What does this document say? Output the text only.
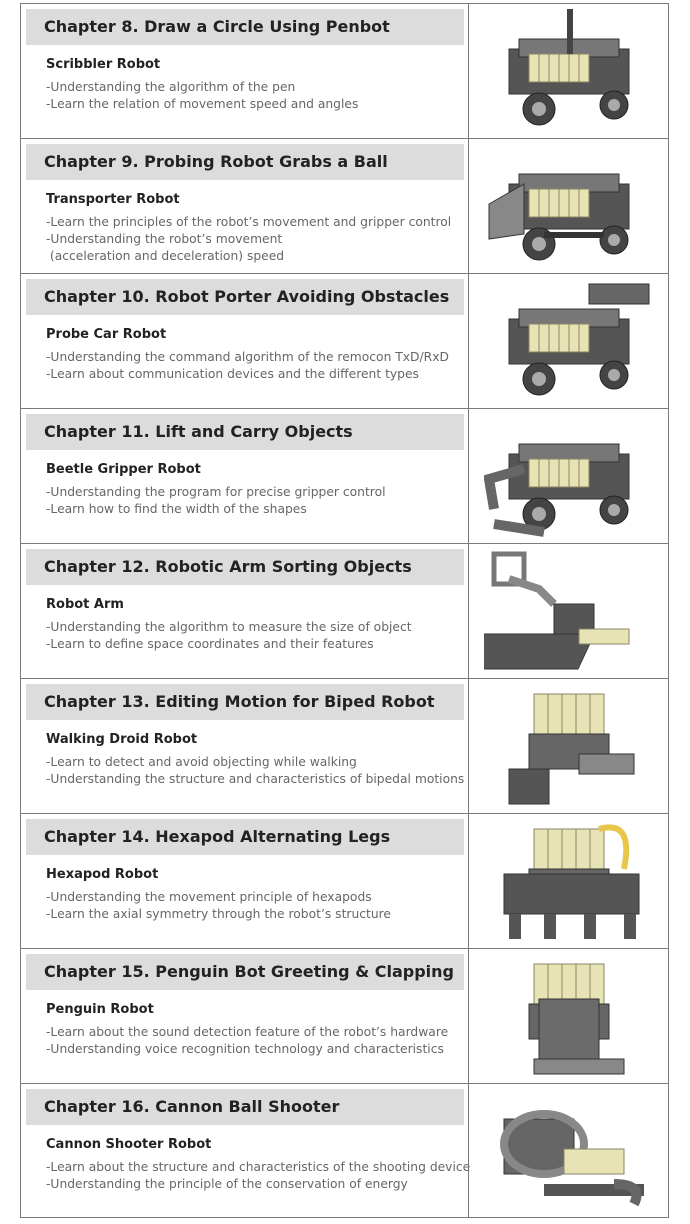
Chapter 8. Draw a Circle Using Penbot
Scribbler Robot
-Understanding the algorithm of the pen
-Learn the relation of movement speed and angles
Chapter 9. Probing Robot Grabs a Ball
Transporter Robot
-Learn the principles of the robot’s movement and gripper control
-Understanding the robot’s movement
(acceleration and deceleration) speed
Chapter 10. Robot Porter Avoiding Obstacles
Probe Car Robot
-Understanding the command algorithm of the remocon TxD/RxD
-Learn about communication devices and the different types
Chapter 11. Lift and Carry Objects
Beetle Gripper Robot
-Understanding the program for precise gripper control
-Learn how to find the width of the shapes
Chapter 12. Robotic Arm Sorting Objects
Robot Arm
-Understanding the algorithm to measure the size of object
-Learn to define space coordinates and their features
Chapter 13. Editing Motion for Biped Robot
Walking Droid Robot
-Learn to detect and avoid objecting while walking
-Understanding the structure and characteristics of bipedal motions
Chapter 14. Hexapod Alternating Legs
Hexapod Robot
-Understanding the movement principle of hexapods
-Learn the axial symmetry through the robot’s structure
Chapter 15. Penguin Bot Greeting & Clapping
Penguin Robot
-Learn about the sound detection feature of the robot’s hardware
-Understanding voice recognition technology and characteristics
Chapter 16. Cannon Ball Shooter
Cannon Shooter Robot
-Learn about the structure and characteristics of the shooting device
-Understanding the principle of the conservation of energy
